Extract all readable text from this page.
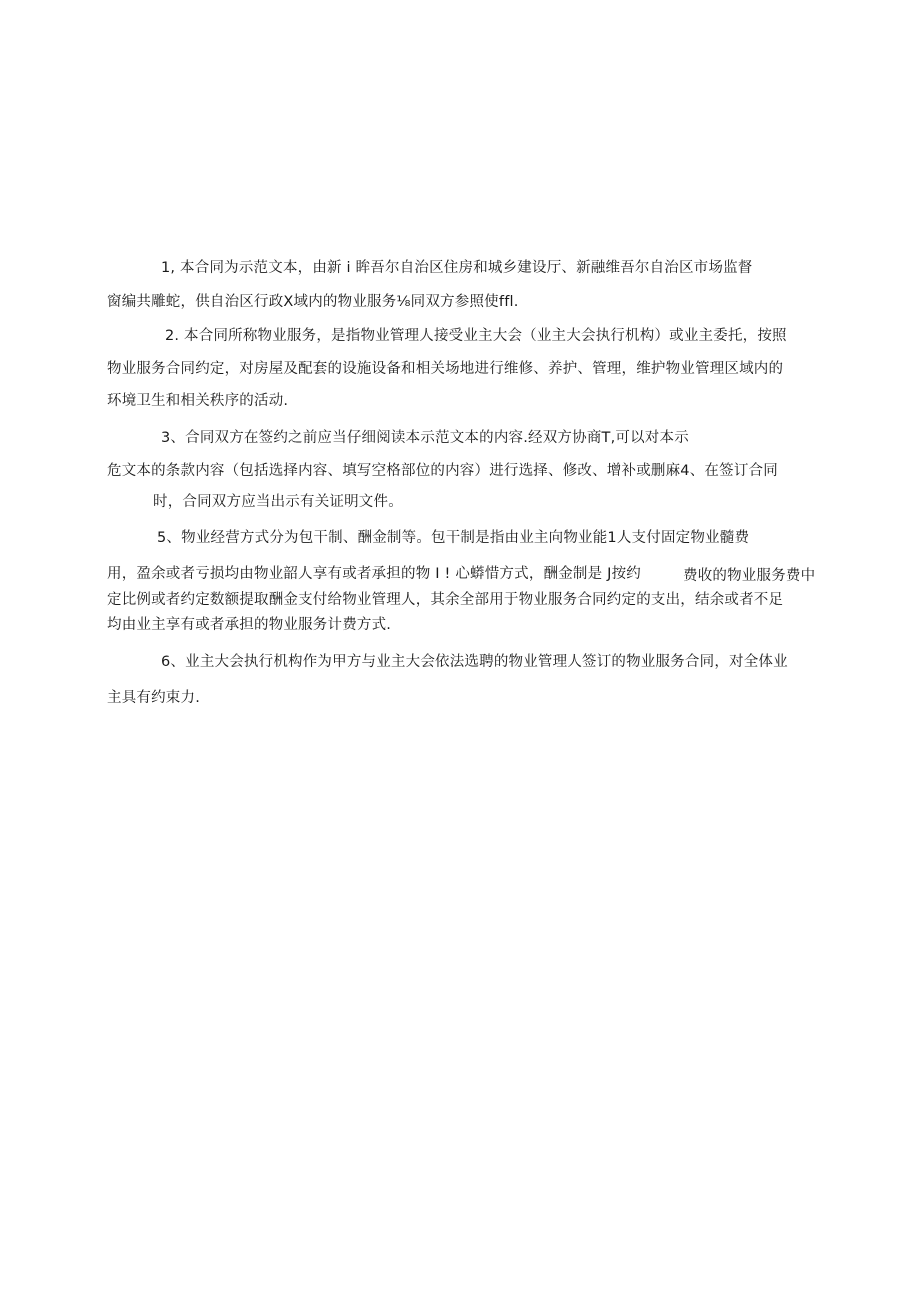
1, 本合同为示范文本，由新 i 眸吾尔自治区住房和城乡建设厅、新融维吾尔自治区市场监督
窗编共雕蛇，供自治区行政X域内的物业服务⅛同双方参照使ffl.
2. 本合同所称物业服务，是指物业管理人接受业主大会（业主大会执行机构）或业主委托，按照
物业服务合同约定，对房屋及配套的设施设备和相关场地进行维修、养护、管理，维护物业管理区域内的
环境卫生和相关秩序的活动.
3、合同双方在签约之前应当仔细阅读本示范文本的内容.经双方协商T,可以对本示
危文本的条款内容（包括选择内容、填写空格部位的内容）进行选择、修改、增补或删麻4、在签订合同
时，合同双方应当出示有关证明文件。
5、物业经营方式分为包干制、酬金制等。包干制是指由业主向物业能1人支付固定物业髓费
用，盈余或者亏损均由物业韶人享有或者承担的物 I ! 心蟒惜方式，酬金制是 J按约	费收的物业服务费中
定比例或者约定数额提取酬金支付给物业管理人，其余全部用于物业服务合同约定的支出，结余或者不足
均由业主享有或者承担的物业服务计费方式.
6、业主大会执行机构作为甲方与业主大会依法选聘的物业管理人签订的物业服务合同，对全体业
主具有约束力.
